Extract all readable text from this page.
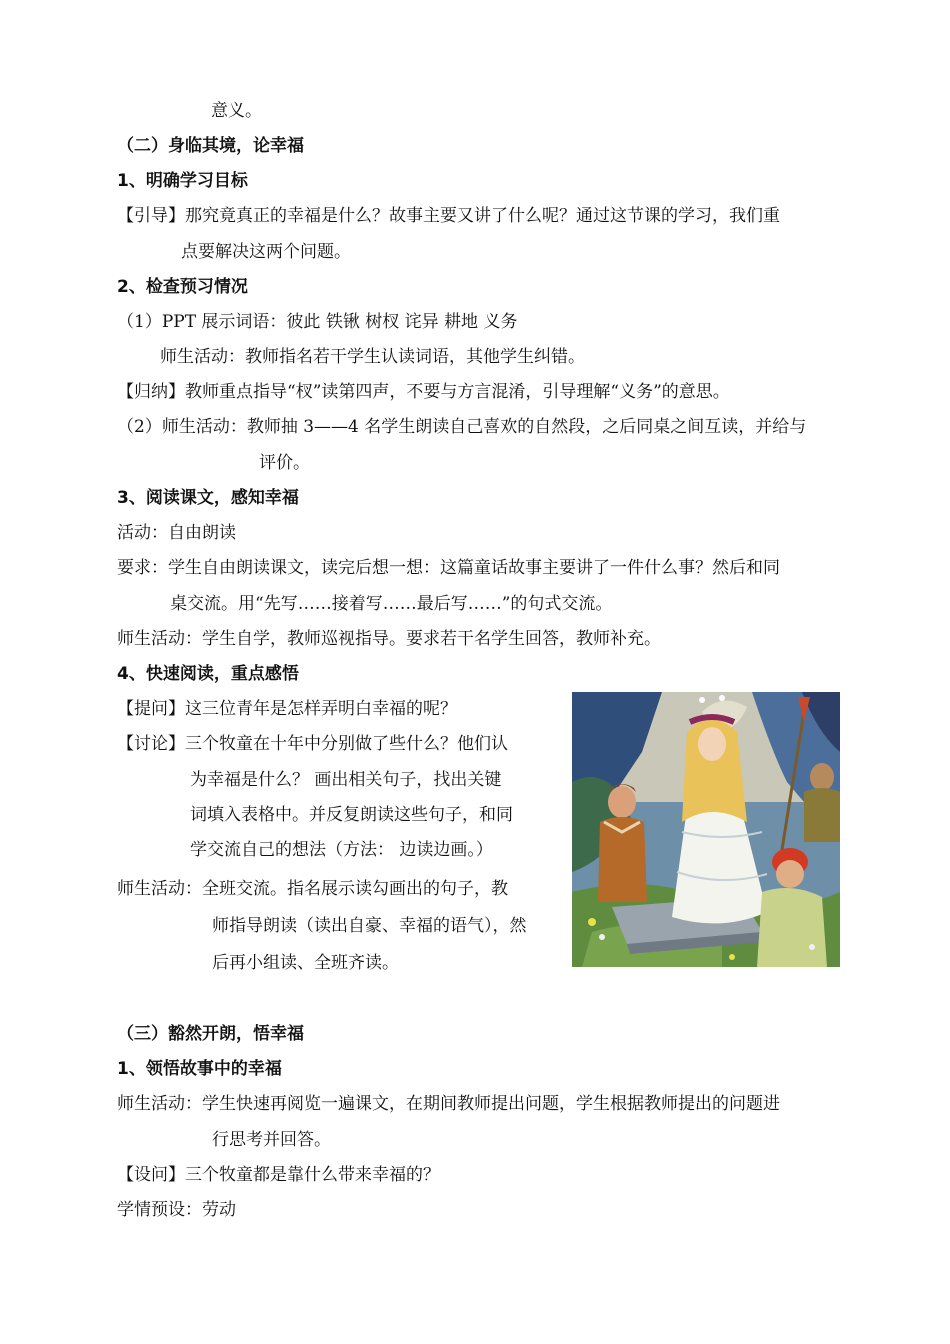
意义。
（二）身临其境，论幸福
1、明确学习目标
【引导】那究竟真正的幸福是什么？故事主要又讲了什么呢？通过这节课的学习，我们重
点要解决这两个问题。
2、检查预习情况
（1）PPT 展示词语：彼此 铁锹 树杈 诧异 耕地 义务
师生活动：教师指名若干学生认读词语，其他学生纠错。
【归纳】教师重点指导“杈”读第四声，不要与方言混淆，引导理解“义务”的意思。
（2）师生活动：教师抽 3——4 名学生朗读自己喜欢的自然段，之后同桌之间互读，并给与
评价。
3、阅读课文，感知幸福
活动：自由朗读
要求：学生自由朗读课文，读完后想一想：这篇童话故事主要讲了一件什么事？然后和同
桌交流。用“先写……接着写……最后写……”的句式交流。
师生活动：学生自学，教师巡视指导。要求若干名学生回答，教师补充。
4、快速阅读，重点感悟
【提问】这三位青年是怎样弄明白幸福的呢？
【讨论】三个牧童在十年中分别做了些什么？他们认
为幸福是什么？ 画出相关句子，找出关键
词填入表格中。并反复朗读这些句子，和同
学交流自己的想法（方法： 边读边画。）
师生活动：全班交流。指名展示读勾画出的句子，教
师指导朗读（读出自豪、幸福的语气），然
后再小组读、全班齐读。
（三）豁然开朗，悟幸福
1、领悟故事中的幸福
师生活动：学生快速再阅览一遍课文，在期间教师提出问题，学生根据教师提出的问题进
行思考并回答。
【设问】三个牧童都是靠什么带来幸福的？
学情预设：劳动
